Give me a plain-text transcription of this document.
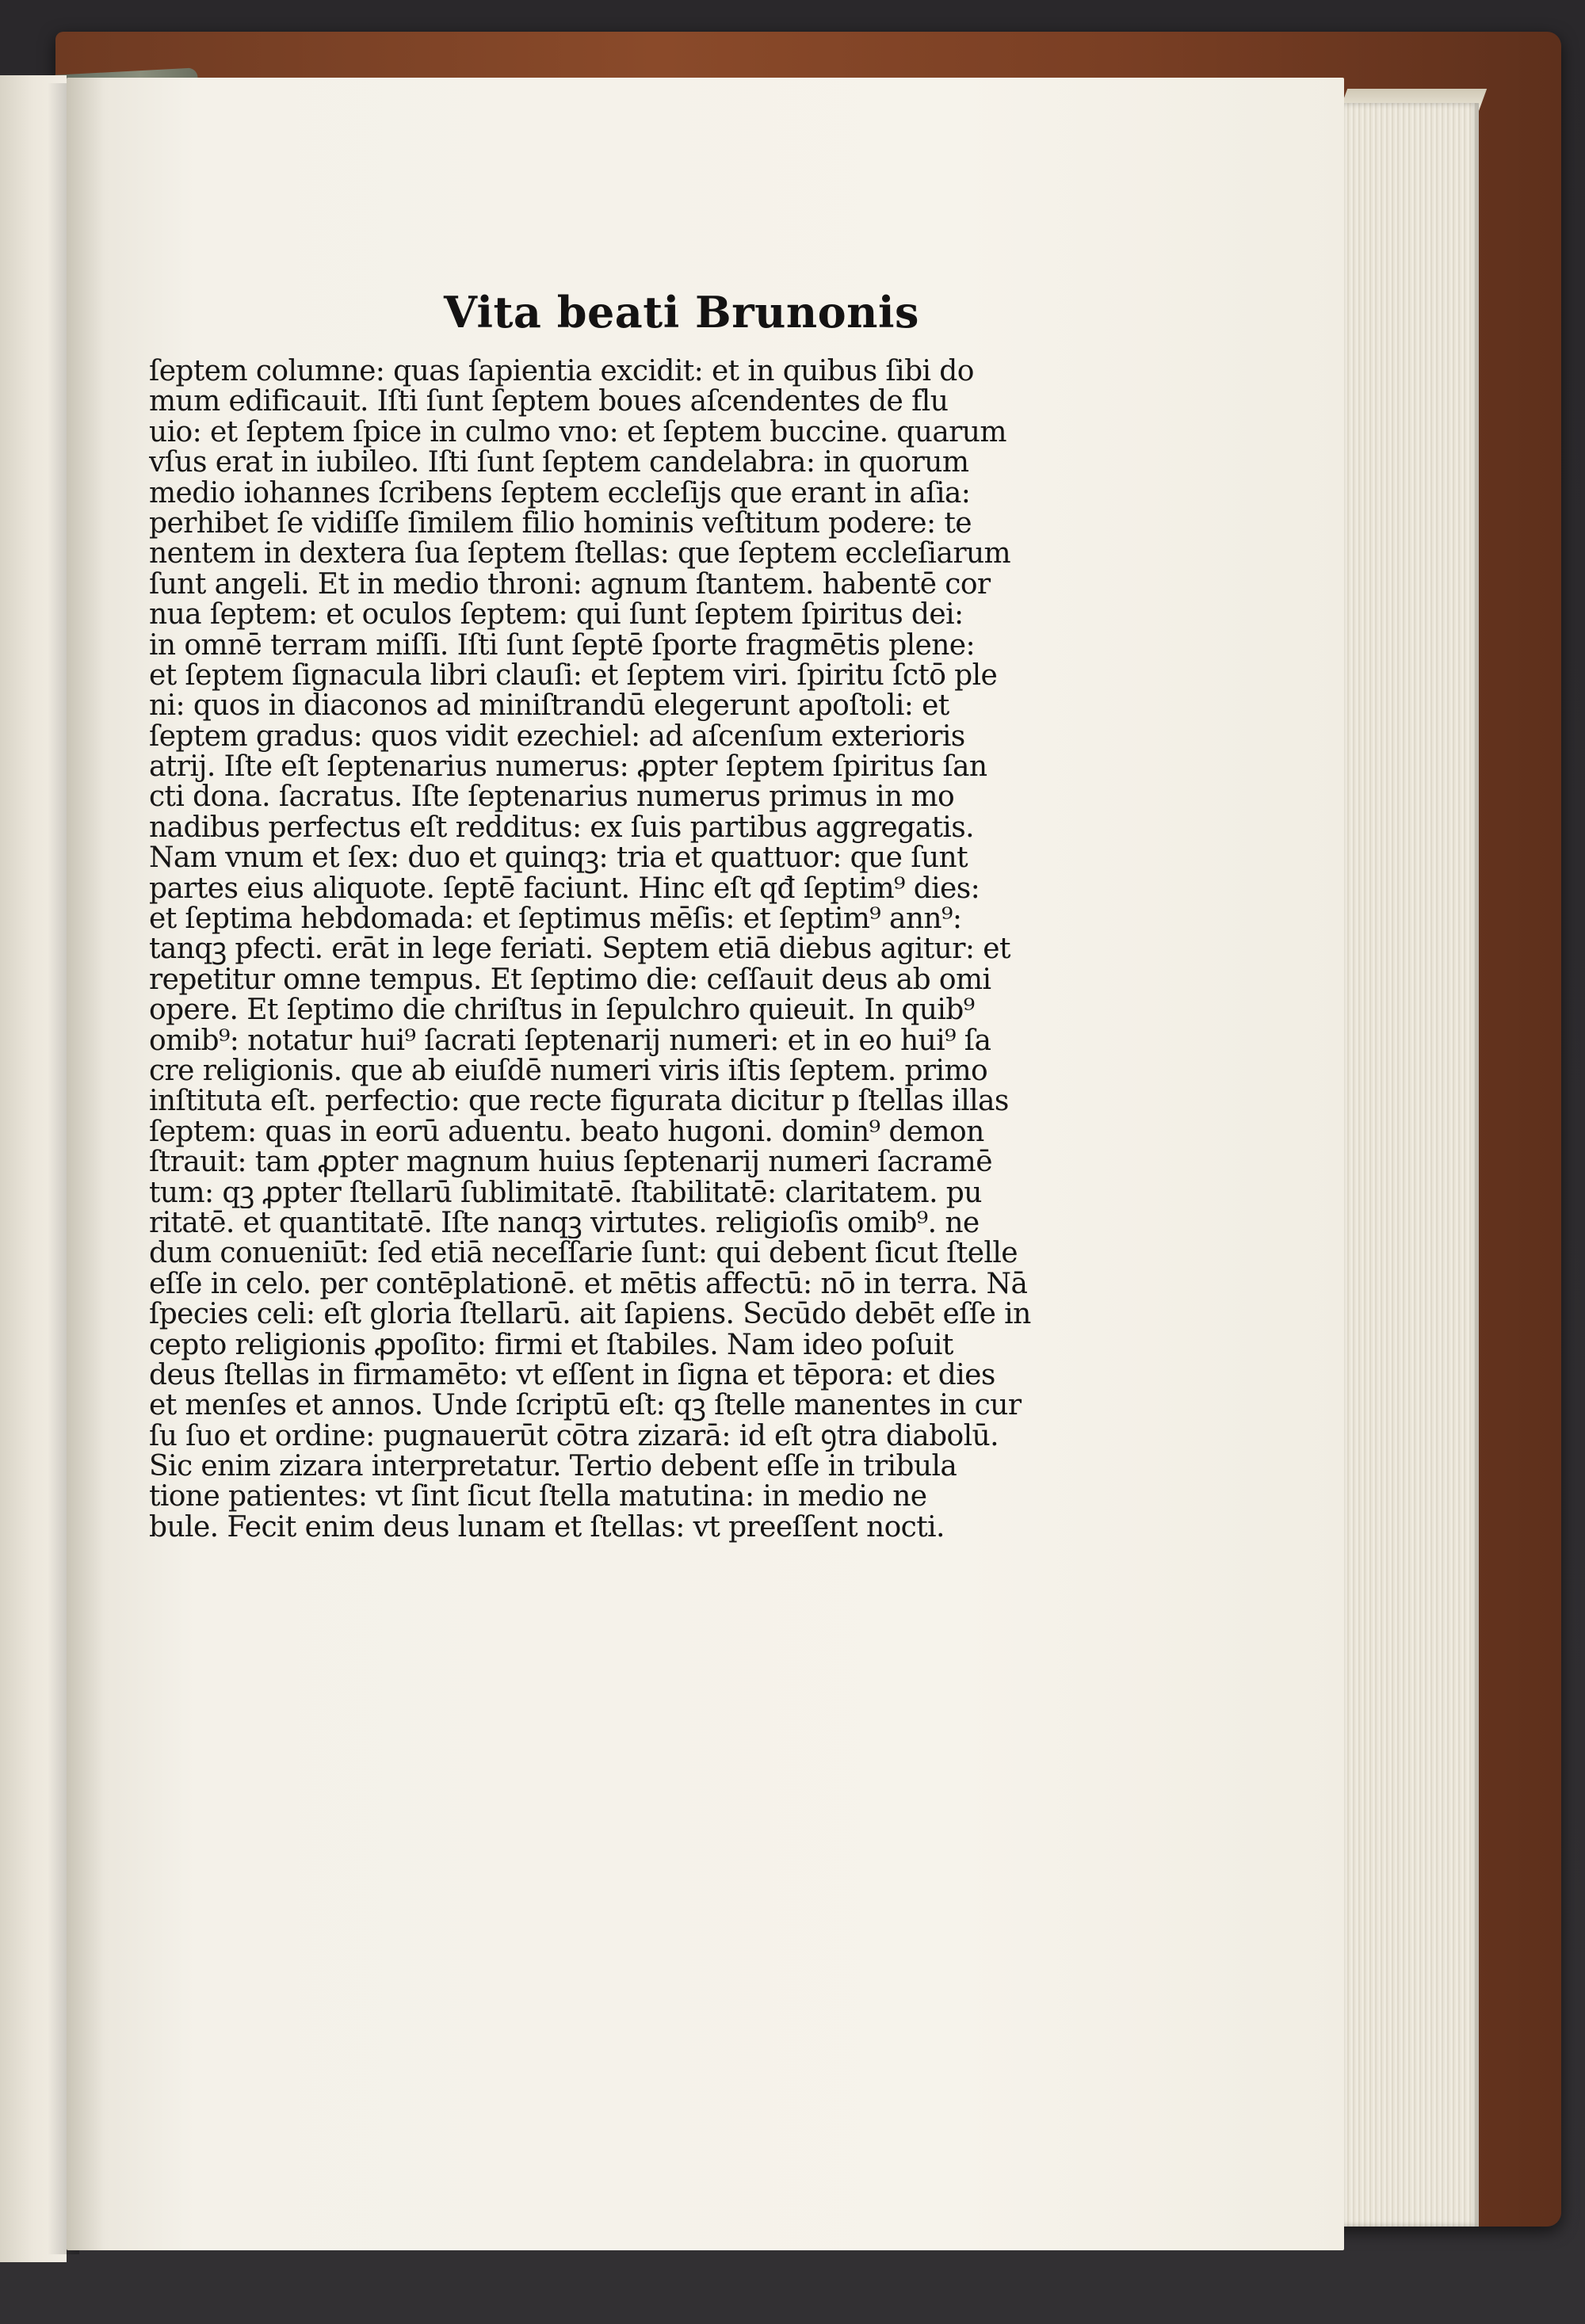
Vita beati Brunonis
ſeptem columne: quas ſapientia excidit: et in quibus ſibi do
mum edificauit. Iſti ſunt ſeptem boues aſcendentes de flu
uio: et ſeptem ſpice in culmo vno: et ſeptem buccine. quarum
vſus erat in iubileo. Iſti ſunt ſeptem candelabra: in quorum
medio iohannes ſcribens ſeptem eccleſijs que erant in aſia:
perhibet ſe vidiſſe ſimilem filio hominis veſtitum podere: te
nentem in dextera ſua ſeptem ſtellas: que ſeptem eccleſiarum
ſunt angeli. Et in medio throni: agnum ſtantem. habentē cor
nua ſeptem: et oculos ſeptem: qui ſunt ſeptem ſpiritus dei:
in omnē terram miſſi. Iſti ſunt ſeptē ſporte fragmētis plene:
et ſeptem ſignacula libri clauſi: et ſeptem viri. ſpiritu ſctō ple
ni: quos in diaconos ad miniſtrandū elegerunt apoſtoli: et
ſeptem gradus: quos vidit ezechiel: ad aſcenſum exterioris
atrij. Iſte eſt ſeptenarius numerus: ꝓpter ſeptem ſpiritus ſan
cti dona. ſacratus. Iſte ſeptenarius numerus primus in mo
nadibus perfectus eſt redditus: ex ſuis partibus aggregatis.
Nam vnum et ſex: duo et quinqꝫ: tria et quattuor: que ſunt
partes eius aliquote. ſeptē faciunt. Hinc eſt qđ ſeptim⁹ dies:
et ſeptima hebdomada: et ſeptimus mēſis: et ſeptim⁹ ann⁹:
tanqꝫ pfecti. erāt in lege feriati. Septem etiā diebus agitur: et
repetitur omne tempus. Et ſeptimo die: ceſſauit deus ab omi
opere. Et ſeptimo die chriſtus in ſepulchro quieuit. In quib⁹
omib⁹: notatur hui⁹ ſacrati ſeptenarij numeri: et in eo hui⁹ ſa
cre religionis. que ab eiuſdē numeri viris iſtis ſeptem. primo
inſtituta eſt. perfectio: que recte figurata dicitur p ſtellas illas
ſeptem: quas in eorū aduentu. beato hugoni. domin⁹ demon
ſtrauit: tam ꝓpter magnum huius ſeptenarij numeri ſacramē
tum: qꝫ ꝓpter ſtellarū ſublimitatē. ſtabilitatē: claritatem. pu
ritatē. et quantitatē. Iſte nanqꝫ virtutes. religioſis omib⁹. ne
dum conueniūt: ſed etiā neceſſarie ſunt: qui debent ſicut ſtelle
eſſe in celo. per contēplationē. et mētis affectū: nō in terra. Nā
ſpecies celi: eſt gloria ſtellarū. ait ſapiens. Secūdo debēt eſſe in
cepto religionis ꝓpoſito: firmi et ſtabiles. Nam ideo poſuit
deus ſtellas in firmamēto: vt eſſent in ſigna et tēpora: et dies
et menſes et annos. Unde ſcriptū eſt: qꝫ ſtelle manentes in cur
ſu ſuo et ordine: pugnauerūt cōtra zizarā: id eſt ꝯtra diabolū.
Sic enim zizara interpretatur. Tertio debent eſſe in tribula
tione patientes: vt ſint ſicut ſtella matutina: in medio ne
bule. Fecit enim deus lunam et ſtellas: vt preeſſent nocti.
